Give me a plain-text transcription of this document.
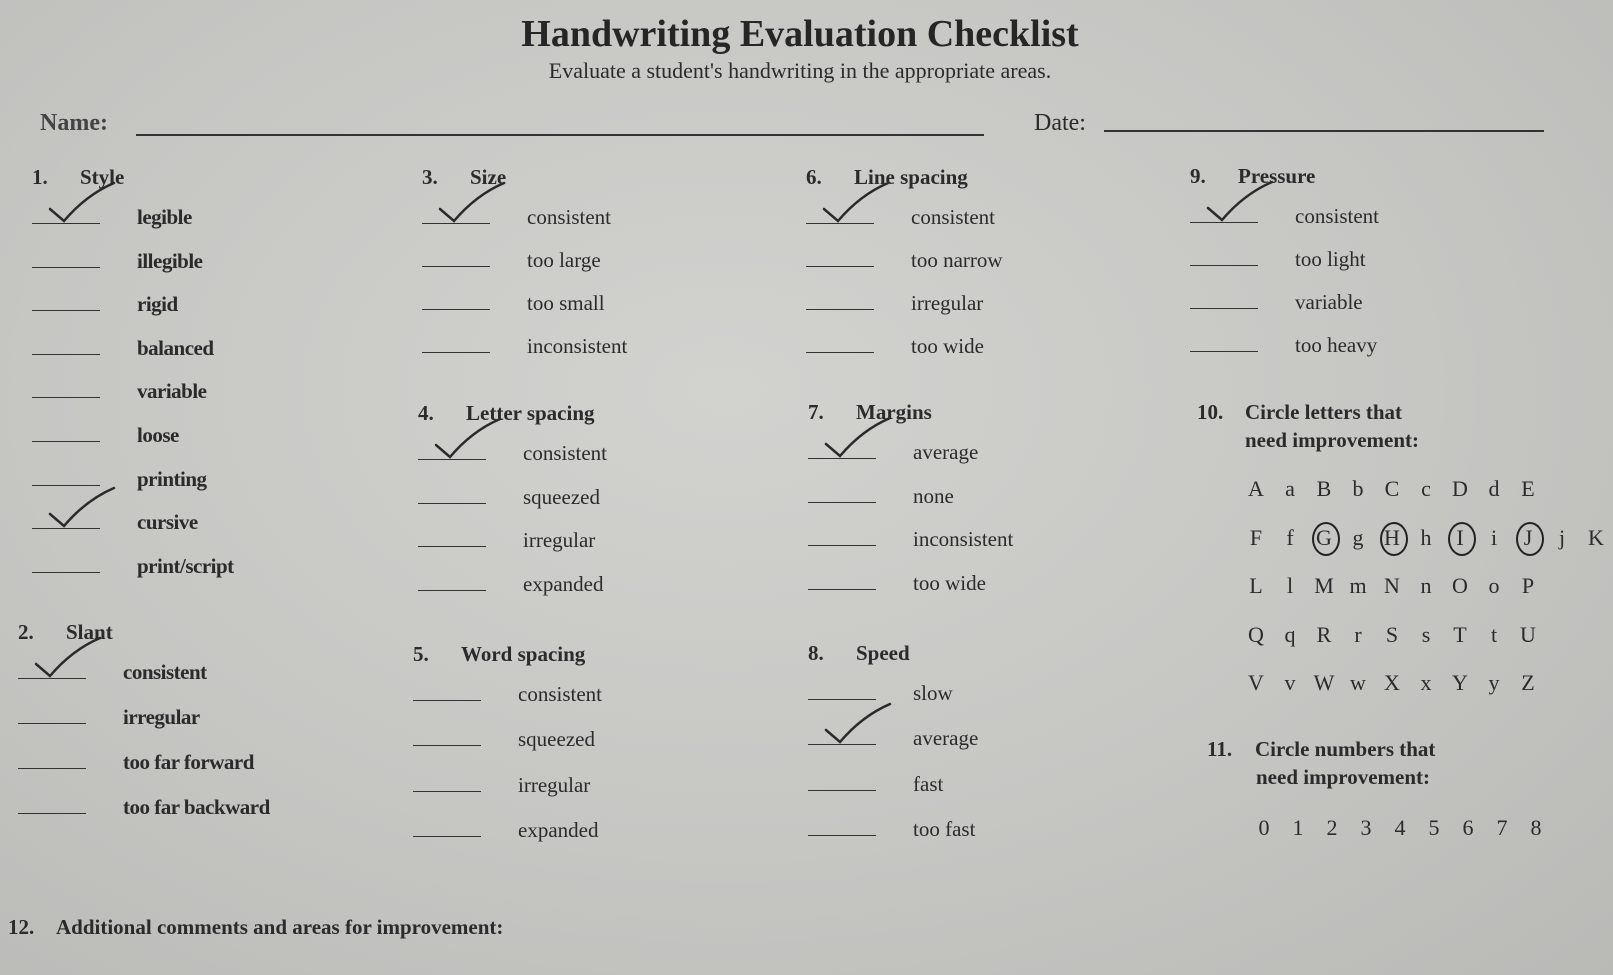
Handwriting Evaluation Checklist
Evaluate a student's handwriting in the appropriate areas.
Name:	Date:
1. Style
legible
illegible
rigid
balanced
variable
loose
printing
cursive
print/script
2. Slant
consistent
irregular
too far forward
too far backward
3. Size
consistent
too large
too small
inconsistent
4. Letter spacing
consistent
squeezed
irregular
expanded
5. Word spacing
consistent
squeezed
irregular
expanded
6. Line spacing
consistent
too narrow
irregular
too wide
7. Margins
average
none
inconsistent
too wide
8. Speed
slow
average
fast
too fast
9. Pressure
consistent
too light
variable
too heavy
10. Circle letters that
need improvement:
A a B b C c D d E
F f G g H h I i J j K
L l M m N n O o P
Q q R r S s T t U
V v W w X x Y y Z
11. Circle numbers that
need improvement:
0 1 2 3 4 5 6 7 8
12. Additional comments and areas for improvement:
